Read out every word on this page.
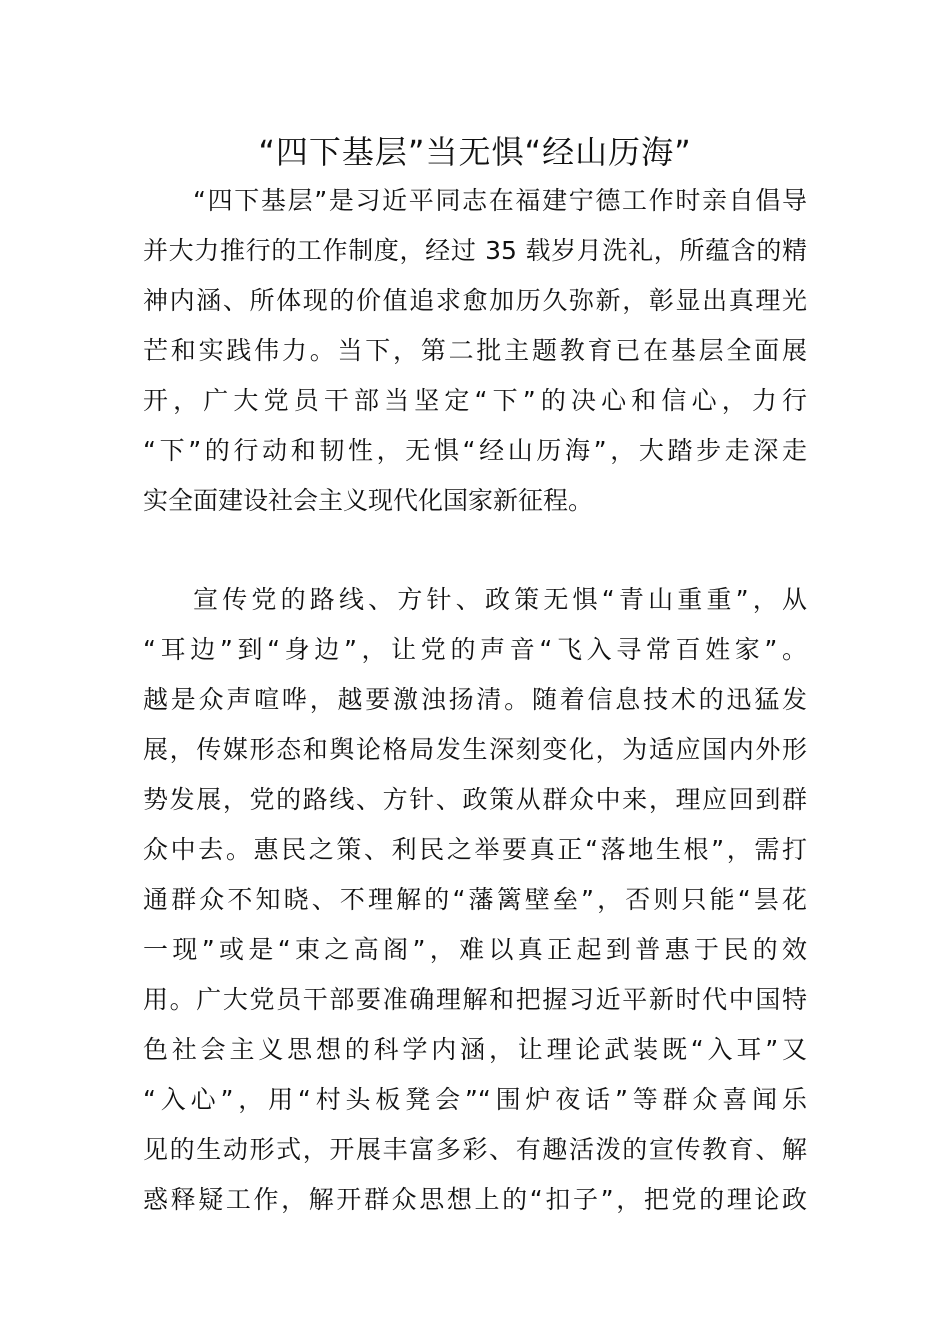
“四下基层”当无惧“经山历海”
“四下基层”是习近平同志在福建宁德工作时亲自倡导
并大力推行的工作制度，经过 35 载岁月洗礼，所蕴含的精
神内涵、所体现的价值追求愈加历久弥新，彰显出真理光
芒和实践伟力。当下，第二批主题教育已在基层全面展
开，广大党员干部当坚定“下”的决心和信心，力行
“下”的行动和韧性，无惧“经山历海”，大踏步走深走
实全面建设社会主义现代化国家新征程。
宣传党的路线、方针、政策无惧“青山重重”，从
“耳边”到“身边”，让党的声音“飞入寻常百姓家”。
越是众声喧哗，越要激浊扬清。随着信息技术的迅猛发
展，传媒形态和舆论格局发生深刻变化，为适应国内外形
势发展，党的路线、方针、政策从群众中来，理应回到群
众中去。惠民之策、利民之举要真正“落地生根”，需打
通群众不知晓、不理解的“藩篱壁垒”，否则只能“昙花
一现”或是“束之高阁”，难以真正起到普惠于民的效
用。广大党员干部要准确理解和把握习近平新时代中国特
色社会主义思想的科学内涵，让理论武装既“入耳”又
“入心”，用“村头板凳会”“围炉夜话”等群众喜闻乐
见的生动形式，开展丰富多彩、有趣活泼的宣传教育、解
惑释疑工作，解开群众思想上的“扣子”，把党的理论政
